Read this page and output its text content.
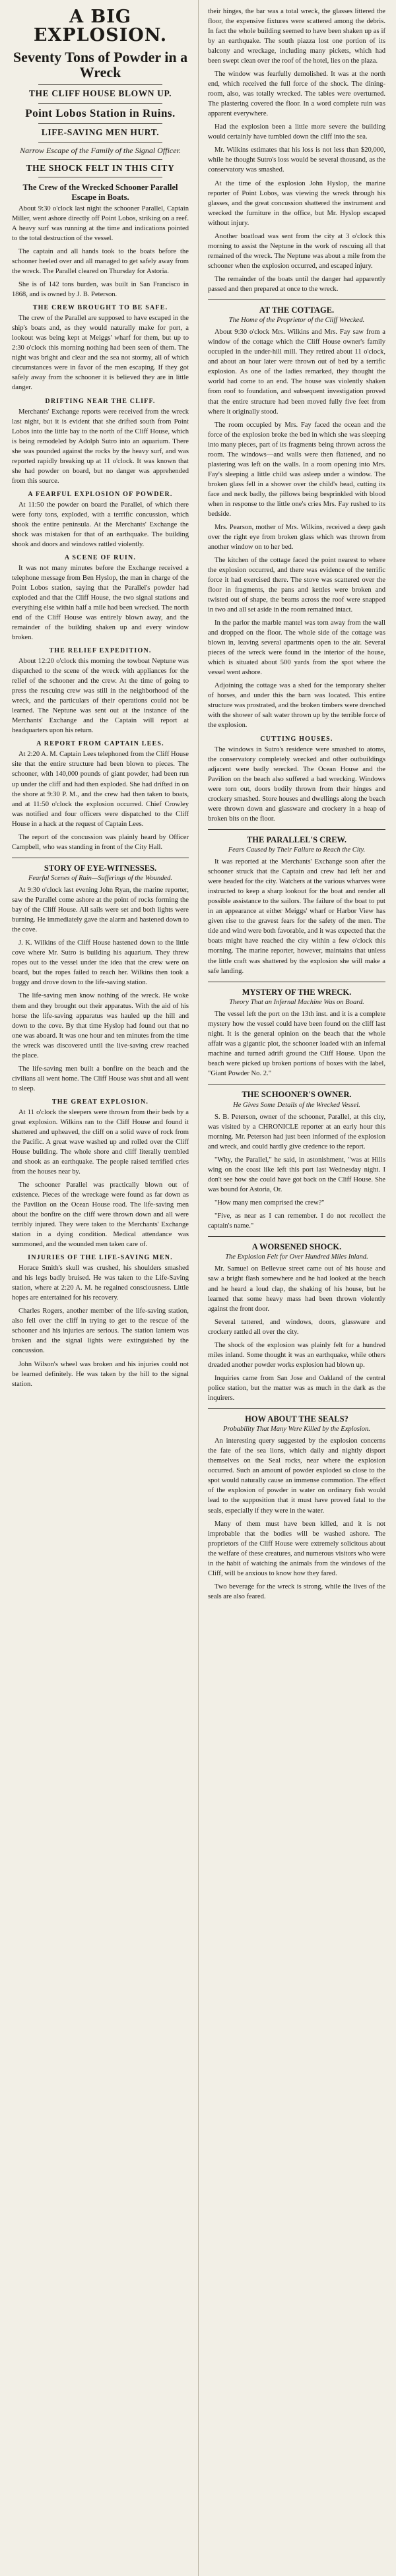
A BIG EXPLOSION.
Seventy Tons of Powder in a Wreck
THE CLIFF HOUSE BLOWN UP.
Point Lobos Station in Ruins.
LIFE-SAVING MEN HURT.
Narrow Escape of the Family of the Signal Officer.
THE SHOCK FELT IN THIS CITY
The Crew of the Wrecked Schooner Parallel Escape in Boats.

About 9:30 o'clock last night the schooner Parallel, Captain Miller, went ashore directly off Point Lobos, striking on a reef. A heavy surf was running at the time and indications pointed to the total destruction of the vessel.

The captain and all hands took to the boats before the schooner heeled over and all managed to get safely away from the wreck. The Parallel cleared on Thursday for Astoria.

She is of 142 tons burden, was built in San Francisco in 1868, and is owned by J. B. Peterson.

THE CREW BROUGHT TO BE SAFE.

The crew of the Parallel are supposed to have escaped in the ship's boats and, as they would naturally make for port, a lookout was being kept at Meiggs' wharf for them, but up to 2:30 o'clock this morning nothing had been seen of them. The night was bright and clear and the sea not stormy, all of which circumstances were in favor of the men escaping. If they got safely away from the schooner it is believed they are in little danger.

DRIFTING NEAR THE CLIFF.

Merchants' Exchange reports were received from the wreck last night, but it is evident that she drifted south from Point Lobos into the little bay to the north of the Cliff House, which is being remodeled by Adolph Sutro into an aquarium. There she was pounded against the rocks by the heavy surf, and was reported rapidly breaking up at 11 o'clock. It was known that she had powder on board, but no danger was apprehended from this source.

A FEARFUL EXPLOSION OF POWDER.

At 11:50 the powder on board the Parallel, of which there were forty tons, exploded, with a terrific concussion, which shook the entire peninsula. At the Merchants' Exchange the shock was mistaken for that of an earthquake. The building shook and doors and windows rattled violently.

A SCENE OF RUIN.

It was not many minutes before the Exchange received a telephone message from Ben Hyslop, the man in charge of the Point Lobos station, saying that the Parallel's powder had exploded and that the Cliff House, the two signal stations and everything else within half a mile had been wrecked. The north end of the Cliff House was entirely blown away, and the remainder of the building shaken up and every window broken.

THE RELIEF EXPEDITION.

About 12:20 o'clock this morning the towboat Neptune was dispatched to the scene of the wreck with appliances for the relief of the schooner and the crew. At the time of going to press the rescuing crew was still in the neighborhood of the wreck, and the particulars of their operations could not be learned. The Neptune was sent out at the instance of the Merchants' Exchange and the Captain will report at headquarters upon his return.

A REPORT FROM CAPTAIN LEES.

At 2:20 A. M. Captain Lees telephoned from the Cliff House site that the entire structure had been blown to pieces. The schooner, with 140,000 pounds of giant powder, had been run up under the cliff and had then exploded. She had drifted in on the shore at 9:30 P. M., and the crew had then taken to boats, and at 11:50 o'clock the explosion occurred. Chief Crowley was notified and four officers were dispatched to the Cliff House in a hack at the request of Captain Lees.

The report of the concussion was plainly heard by Officer Campbell, who was standing in front of the City Hall.

STORY OF EYE-WITNESSES.
Fearful Scenes of Ruin—Sufferings of the Wounded.

At 9:30 o'clock last evening John Ryan, the marine reporter, saw the Parallel come ashore at the point of rocks forming the bay of the Cliff House. All sails were set and both lights were burning. He immediately gave the alarm and hastened down to the cove.

J. K. Wilkins of the Cliff House hastened down to the little cove where Mr. Sutro is building his aquarium. They threw ropes out to the vessel under the idea that the crew were on board, but the ropes failed to reach her. Wilkins then took a buggy and drove down to the life-saving station.

The life-saving men know nothing of the wreck. He woke them and they brought out their apparatus. With the aid of his horse the life-saving apparatus was hauled up the hill and down to the cove. By that time Hyslop had found out that no one was aboard. It was one hour and ten minutes from the time the wreck was discovered until the live-saving crew reached the place.

The life-saving men built a bonfire on the beach and the civilians all went home. The Cliff House was shut and all went to sleep.

THE GREAT EXPLOSION.

At 11 o'clock the sleepers were thrown from their beds by a great explosion. Wilkins ran to the Cliff House and found it shattered and upheaved, the cliff on a solid wave of rock from the Pacific. A great wave washed up and rolled over the Cliff House building. The whole shore and cliff literally trembled and shook as an earthquake. The people raised terrified cries from the houses near by.

The schooner Parallel was practically blown out of existence. Pieces of the wreckage were found as far down as the Pavilion on the Ocean House road. The life-saving men about the bonfire on the cliff were thrown down and all were terribly injured. They were taken to the Merchants' Exchange station in a dying condition. Medical attendance was summoned, and the wounded men taken care of.

INJURIES OF THE LIFE-SAVING MEN.

Horace Smith's skull was crushed, his shoulders smashed and his legs badly bruised. He was taken to the Life-Saving station, where at 2:20 A. M. he regained consciousness. Little hopes are entertained for his recovery.

Charles Rogers, another member of the life-saving station, also fell over the cliff in trying to get to the rescue of the schooner and his injuries are serious. The station lantern was broken and the signal lights were extinguished by the concussion.

John Wilson's wheel was broken and his injuries could not be learned definitely. He was taken by the hill to the signal station.

their hinges, the bar was a total wreck, the glasses littered the floor, the expensive fixtures were scattered among the debris. In fact the whole building seemed to have been shaken up as if by an earthquake. The south piazza lost one portion of its balcony and wreckage, including many pickets, which had been swept clean over the roof of the hotel, lies on the plaza.

The window was fearfully demolished. It was at the north end, which received the full force of the shock. The dining-room, also, was totally wrecked. The tables were overturned. The plastering covered the floor. In a word complete ruin was apparent everywhere.

Had the explosion been a little more severe the building would certainly have tumbled down the cliff into the sea.

Mr. Wilkins estimates that his loss is not less than $20,000, while he thought Sutro's loss would be several thousand, as the conservatory was smashed.

At the time of the explosion John Hyslop, the marine reporter of Point Lobos, was viewing the wreck through his glasses, and the great concussion shattered the instrument and wrecked the furniture in the office, but Mr. Hyslop escaped without injury.

Another boatload was sent from the city at 3 o'clock this morning to assist the Neptune in the work of rescuing all that remained of the wreck. The Neptune was about a mile from the schooner when the explosion occurred, and escaped injury.

The remainder of the boats until the danger had apparently passed and then prepared at once to the wreck.

AT THE COTTAGE.
The Home of the Proprietor of the Cliff Wrecked.

About 9:30 o'clock Mrs. Wilkins and Mrs. Fay saw from a window of the cottage which the Cliff House owner's family occupied in the under-hill mill. They retired about 11 o'clock, and about an hour later were thrown out of bed by a terrific explosion. As one of the ladies remarked, they thought the world had come to an end. The house was violently shaken from roof to foundation, and subsequent investigation proved that the entire structure had been moved fully five feet from where it originally stood.

The room occupied by Mrs. Fay faced the ocean and the force of the explosion broke the bed in which she was sleeping into many pieces, part of its fragments being thrown across the room. The windows—and walls were then flattened, and no plastering was left on the walls. In a room opening into Mrs. Fay's sleeping a little child was asleep under a window. The broken glass fell in a shower over the child's head, cutting its face and neck badly, the pillows being besprinkled with blood when in response to the little one's cries Mrs. Fay rushed to its bedside.

Mrs. Pearson, mother of Mrs. Wilkins, received a deep gash over the right eye from broken glass which was thrown from another window on to her bed.

The kitchen of the cottage faced the point nearest to where the explosion occurred, and there was evidence of the terrific force it had exercised there. The stove was scattered over the floor in fragments, the pans and kettles were broken and twisted out of shape, the beams across the roof were snapped in two and all set aside in the room remained intact.

In the parlor the marble mantel was torn away from the wall and dropped on the floor. The whole side of the cottage was blown in, leaving several apartments open to the air. Several pieces of the wreck were found in the interior of the house, which is situated about 500 yards from the spot where the vessel went ashore.

Adjoining the cottage was a shed for the temporary shelter of horses, and under this the barn was located. This entire structure was prostrated, and the broken timbers were drenched with the shower of salt water thrown up by the terrible force of the explosion.

CUTTING HOUSES.

The windows in Sutro's residence were smashed to atoms, the conservatory completely wrecked and other outbuildings adjacent were badly wrecked. The Ocean House and the Pavilion on the beach also suffered a bad wrecking. Windows were torn out, doors bodily thrown from their hinges and crockery smashed. Store houses and dwellings along the beach were thrown down and glassware and crockery in a heap of broken bits on the floor.

THE PARALLEL'S CREW.
Fears Caused by Their Failure to Reach the City.

It was reported at the Merchants' Exchange soon after the schooner struck that the Captain and crew had left her and were headed for the city. Watchers at the various wharves were instructed to keep a sharp lookout for the boat and render all possible assistance to the sailors. The failure of the boat to put in an appearance at either Meiggs' wharf or Harbor View has given rise to the gravest fears for the safety of the men. The tide and wind were both favorable, and it was expected that the boats might have reached the city within a few o'clock this morning. The marine reporter, however, maintains that unless the little craft was shattered by the explosion she will make a safe landing.

MYSTERY OF THE WRECK.
Theory That an Infernal Machine Was on Board.

The vessel left the port on the 13th inst. and it is a complete mystery how the vessel could have been found on the cliff last night. It is the general opinion on the beach that the whole affair was a gigantic plot, the schooner loaded with an infernal machine and turned adrift ground the Cliff House. Upon the beach were picked up broken portions of boxes with the label, "Giant Powder No. 2."

THE SCHOONER'S OWNER.
He Gives Some Details of the Wrecked Vessel.

S. B. Peterson, owner of the schooner, Parallel, at this city, was visited by a CHRONICLE reporter at an early hour this morning. Mr. Peterson had just been informed of the explosion and wreck, and could hardly give credence to the report.

"Why, the Parallel," he said, in astonishment, "was at Hills wing on the coast like left this port last Wednesday night. I don't see how she could have got back on the Cliff House. She was bound for Astoria, Or.

"How many men comprised the crew?"

"Five, as near as I can remember. I do not recollect the captain's name."

A WORSENED SHOCK.
The Explosion Felt for Over Hundred Miles Inland.

Mr. Samuel on Bellevue street came out of his house and saw a bright flash somewhere and he had looked at the beach and he heard a loud clap, the shaking of his house, but he learned that some heavy mass had been thrown violently against the front door.

Several tattered, and windows, doors, glassware and crockery rattled all over the city.

The shock of the explosion was plainly felt for a hundred miles inland. Some thought it was an earthquake, while others dreaded another powder works explosion had blown up.

Inquiries came from San Jose and Oakland of the central police station, but the matter was as much in the dark as the inquirers.

HOW ABOUT THE SEALS?
Probability That Many Were Killed by the Explosion.

An interesting query suggested by the explosion concerns the fate of the sea lions, which daily and nightly disport themselves on the Seal rocks, near where the explosion occurred. Such an amount of powder exploded so close to the spot would naturally cause an immense commotion. The effect of the explosion of powder in water on ordinary fish would lead to the supposition that it must have proved fatal to the seals, especially if they were in the water.

Many of them must have been killed, and it is not improbable that the bodies will be washed ashore. The proprietors of the Cliff House were extremely solicitous about the welfare of these creatures, and numerous visitors who were in the habit of watching the animals from the windows of the Cliff, will be anxious to know how they fared.

Two beverage for the wreck is strong, while the lives of the seals are also feared.
